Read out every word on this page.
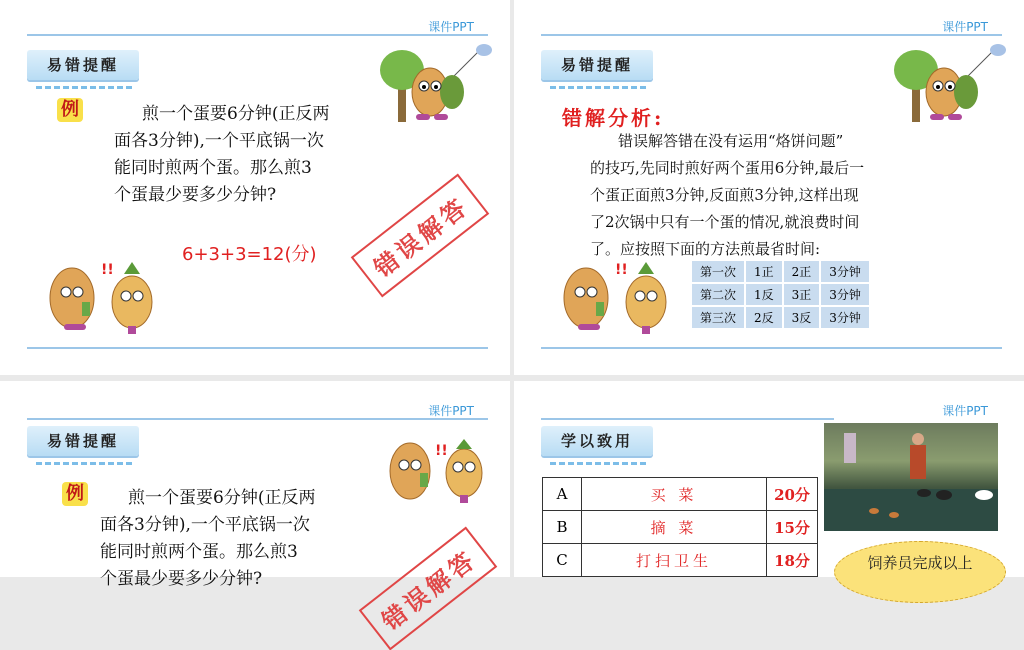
课件PPT
易错提醒
例	煎一个蛋要6分钟(正反两
面各3分钟),一个平底锅一次
能同时煎两个蛋。那么煎3
个蛋最少要多少分钟?
6+3+3=12(分)	错误解答
!!
课件PPT
易错提醒
错解分析:
错误解答错在没有运用“烙饼问题”
的技巧,先同时煎好两个蛋用6分钟,最后一
个蛋正面煎3分钟,反面煎3分钟,这样出现
了2次锅中只有一个蛋的情况,就浪费时间
了。应按照下面的方法煎最省时间:
!!	第一次	1正	2正	3分钟
第二次	1反	3正	3分钟
第三次	2反	3反	3分钟
课件PPT
易错提醒
!!
例	煎一个蛋要6分钟(正反两
面各3分钟),一个平底锅一次
能同时煎两个蛋。那么煎3
个蛋最少要多少分钟?	错误解答
课件PPT
学以致用
A	买 菜	20分
B	摘 菜	15分
C	打扫卫生	18分	饲养员完成以上
